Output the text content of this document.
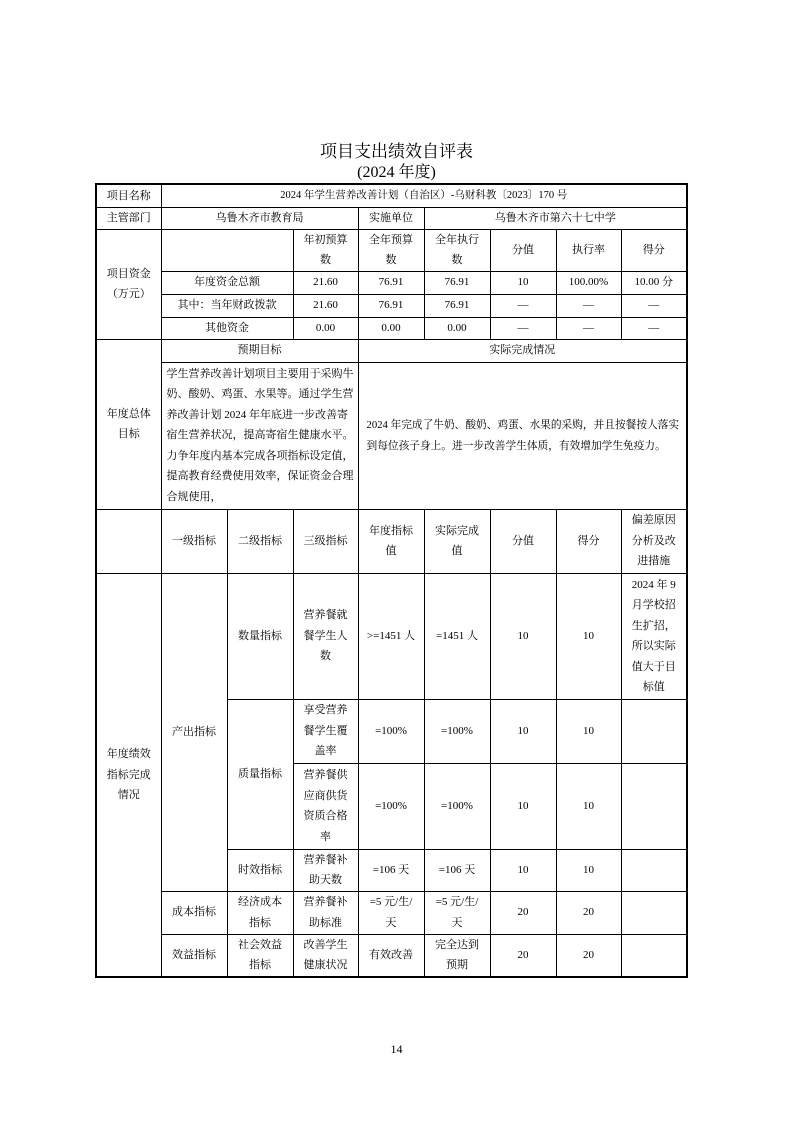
项目支出绩效自评表
(2024 年度)
项目名称	2024 年学生营养改善计划（自治区）-乌财科教〔2023〕170 号							
主管部门	乌鲁木齐市教育局			实施单位	乌鲁木齐市第六十七中学			

项目资金
（万元）			年初预算数	全年预算数	全年执行数	分值	执行率	得分
	年度资金总额		21.60	76.91	76.91	10	100.00%	10.00 分
	其中：当年财政拨款		21.60	76.91	76.91	—	—	—
	其他资金		0.00	0.00	0.00	—	—	—
年度总体目标	预期目标			实际完成情况				
	学生营养改善计划项目主要用于采购牛奶、酸奶、鸡蛋、水果等。通过学生营养改善计划 2024 年年底进一步改善寄宿生营养状况，提高寄宿生健康水平。力争年度内基本完成各项指标设定值，提高教育经费使用效率，保证资金合理合规使用，			2024 年完成了牛奶、酸奶、鸡蛋、水果的采购，并且按餐按人落实到每位孩子身上。进一步改善学生体质，有效增加学生免疫力。				
	一级指标	二级指标	三级指标	年度指标值	实际完成值	分值	得分	偏差原因分析及改进措施
年度绩效指标完成情况	产出指标	数量指标	营养餐就餐学生人数	>=1451 人	=1451 人	10	10	2024 年 9 月学校招生扩招，所以实际值大于目标值
		质量指标	享受营养餐学生覆盖率	=100%	=100%	10	10	
			营养餐供应商供货资质合格率	=100%	=100%	10	10	
		时效指标	营养餐补助天数	=106 天	=106 天	10	10	
	成本指标	经济成本指标	营养餐补助标准	=5 元/生/天	=5 元/生/天	20	20	
	效益指标	社会效益指标	改善学生健康状况	有效改善	完全达到预期	20	20	
14
